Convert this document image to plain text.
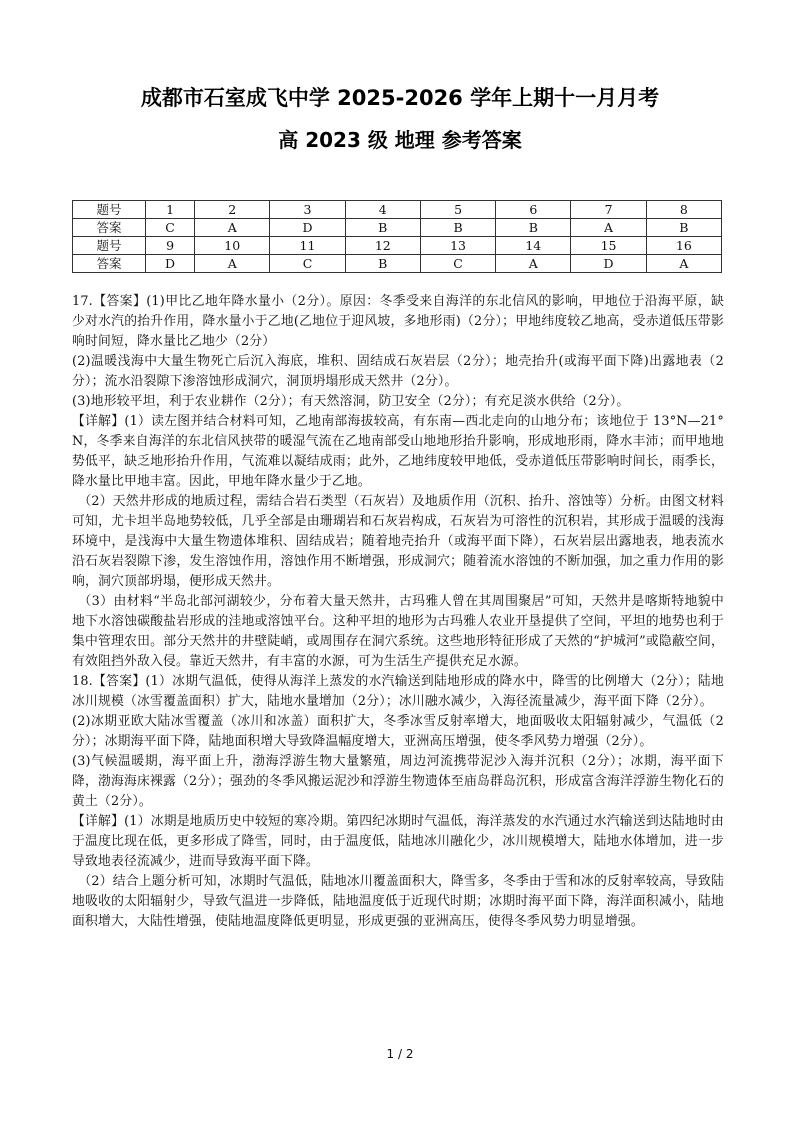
成都市石室成飞中学 2025-2026 学年上期十一月月考
高 2023 级 地理 参考答案
题号	1	2	3	4	5	6	7	8
答案	C	A	D	B	B	B	A	B
题号	9	10	11	12	13	14	15	16
答案	D	A	C	B	C	A	D	A

17.【答案】(1)甲比乙地年降水量小（2分）。原因：冬季受来自海洋的东北信风的影响，甲地位于沿海平原，缺少对水汽的抬升作用，降水量小于乙地(乙地位于迎风坡，多地形雨)（2分）；甲地纬度较乙地高，受赤道低压带影响时间短，降水量比乙地少（2分）

(2)温暖浅海中大量生物死亡后沉入海底，堆积、固结成石灰岩层（2分）；地壳抬升(或海平面下降)出露地表（2分）；流水沿裂隙下渗溶蚀形成洞穴，洞顶坍塌形成天然井（2分）。

(3)地形较平坦，利于农业耕作（2分）；有天然溶洞，防卫安全（2分）；有充足淡水供给（2分）。

【详解】(1）读左图并结合材料可知，乙地南部海拔较高，有东南—西北走向的山地分布；该地位于 13°N—21° N，冬季来自海洋的东北信风挟带的暖湿气流在乙地南部受山地地形抬升影响，形成地形雨，降水丰沛；而甲地地势低平，缺乏地形抬升作用，气流难以凝结成雨；此外，乙地纬度较甲地低，受赤道低压带影响时间长，雨季长，降水量比甲地丰富。因此，甲地年降水量少于乙地。

（2）天然井形成的地质过程，需结合岩石类型（石灰岩）及地质作用（沉积、抬升、溶蚀等）分析。由图文材料可知，尤卡坦半岛地势较低，几乎全部是由珊瑚岩和石灰岩构成，石灰岩为可溶性的沉积岩，其形成于温暖的浅海环境中，是浅海中大量生物遗体堆积、固结成岩；随着地壳抬升（或海平面下降），石灰岩层出露地表，地表流水沿石灰岩裂隙下渗，发生溶蚀作用，溶蚀作用不断增强，形成洞穴；随着流水溶蚀的不断加强，加之重力作用的影响，洞穴顶部坍塌，便形成天然井。

（3）由材料“半岛北部河湖较少，分布着大量天然井，古玛雅人曾在其周围聚居”可知，天然井是喀斯特地貌中地下水溶蚀碳酸盐岩形成的洼地或溶蚀平台。这种平坦的地形为古玛雅人农业开垦提供了空间，平坦的地势也利于集中管理农田。部分天然井的井壁陡峭，或周围存在洞穴系统。这些地形特征形成了天然的“护城河”或隐蔽空间，有效阻挡外敌入侵。靠近天然井，有丰富的水源，可为生活生产提供充足水源。

18.【答案】(1）冰期气温低，使得从海洋上蒸发的水汽输送到陆地形成的降水中，降雪的比例增大（2分）；陆地冰川规模（冰雪覆盖面积）扩大，陆地水量增加（2分）；冰川融水减少，入海径流量减少，海平面下降（2分）。

(2)冰期亚欧大陆冰雪覆盖（冰川和冰盖）面积扩大，冬季冰雪反射率增大，地面吸收太阳辐射减少，气温低（2分）；冰期海平面下降，陆地面积增大导致降温幅度增大，亚洲高压增强，使冬季风势力增强（2分）。

(3)气候温暖期，海平面上升，渤海浮游生物大量繁殖，周边河流携带泥沙入海并沉积（2分）；冰期，海平面下降，渤海海床裸露（2分）；强劲的冬季风搬运泥沙和浮游生物遗体至庙岛群岛沉积，形成富含海洋浮游生物化石的黄土（2分）。

【详解】(1）冰期是地质历史中较短的寒冷期。第四纪冰期时气温低，海洋蒸发的水汽通过水汽输送到达陆地时由于温度比现在低，更多形成了降雪，同时，由于温度低，陆地冰川融化少，冰川规模增大，陆地水体增加，进一步导致地表径流减少，进而导致海平面下降。

（2）结合上题分析可知，冰期时气温低，陆地冰川覆盖面积大，降雪多，冬季由于雪和冰的反射率较高，导致陆地吸收的太阳辐射少，导致气温进一步降低，陆地温度低于近现代时期；冰期时海平面下降，海洋面积减小，陆地面积增大，大陆性增强，使陆地温度降低更明显，形成更强的亚洲高压，使得冬季风势力明显增强。

1 / 2
